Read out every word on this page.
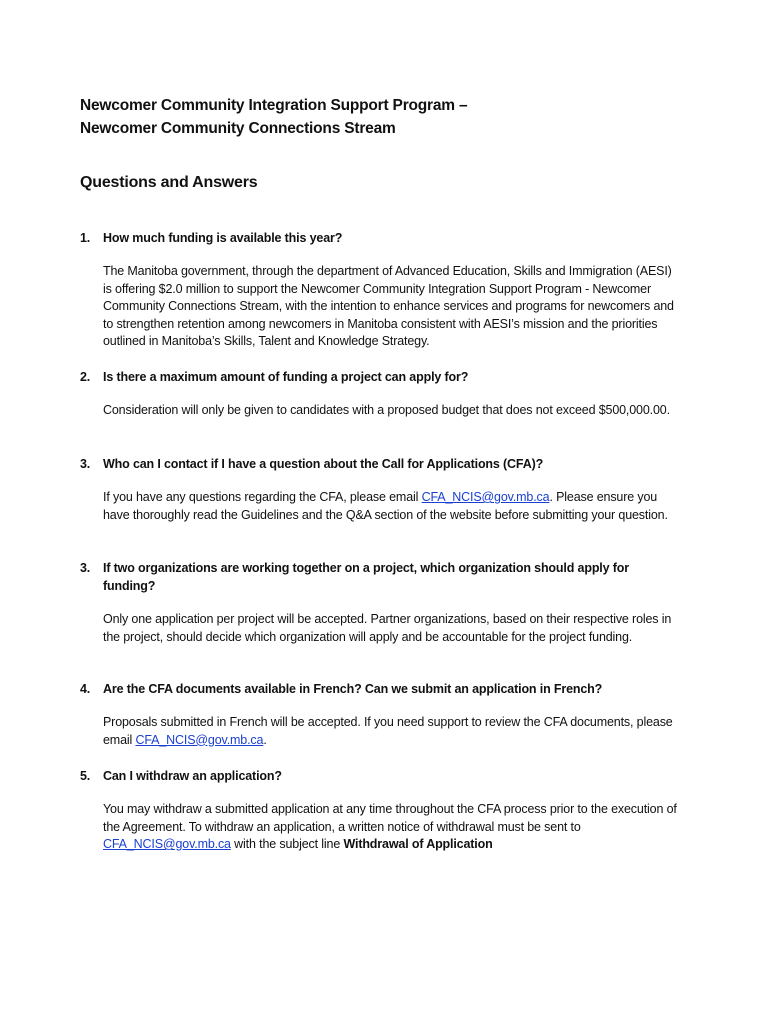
Newcomer Community Integration Support Program –
Newcomer Community Connections Stream
Questions and Answers
1.	How much funding is available this year?
The Manitoba government, through the department of Advanced Education, Skills and Immigration (AESI) is offering $2.0 million to support the Newcomer Community Integration Support Program - Newcomer Community Connections Stream, with the intention to enhance services and programs for newcomers and to strengthen retention among newcomers in Manitoba consistent with AESI’s mission and the priorities outlined in Manitoba’s Skills, Talent and Knowledge Strategy.
2.	Is there a maximum amount of funding a project can apply for?
Consideration will only be given to candidates with a proposed budget that does not exceed $500,000.00.
3.	Who can I contact if I have a question about the Call for Applications (CFA)?
If you have any questions regarding the CFA, please email CFA_NCIS@gov.mb.ca. Please ensure you have thoroughly read the Guidelines and the Q&A section of the website before submitting your question.
3.	If two organizations are working together on a project, which organization should apply for funding?
Only one application per project will be accepted. Partner organizations, based on their respective roles in the project, should decide which organization will apply and be accountable for the project funding.
4.	Are the CFA documents available in French? Can we submit an application in French?
Proposals submitted in French will be accepted. If you need support to review the CFA documents, please email CFA_NCIS@gov.mb.ca.
5.	Can I withdraw an application?
You may withdraw a submitted application at any time throughout the CFA process prior to the execution of the Agreement. To withdraw an application, a written notice of withdrawal must be sent to CFA_NCIS@gov.mb.ca with the subject line Withdrawal of Application
